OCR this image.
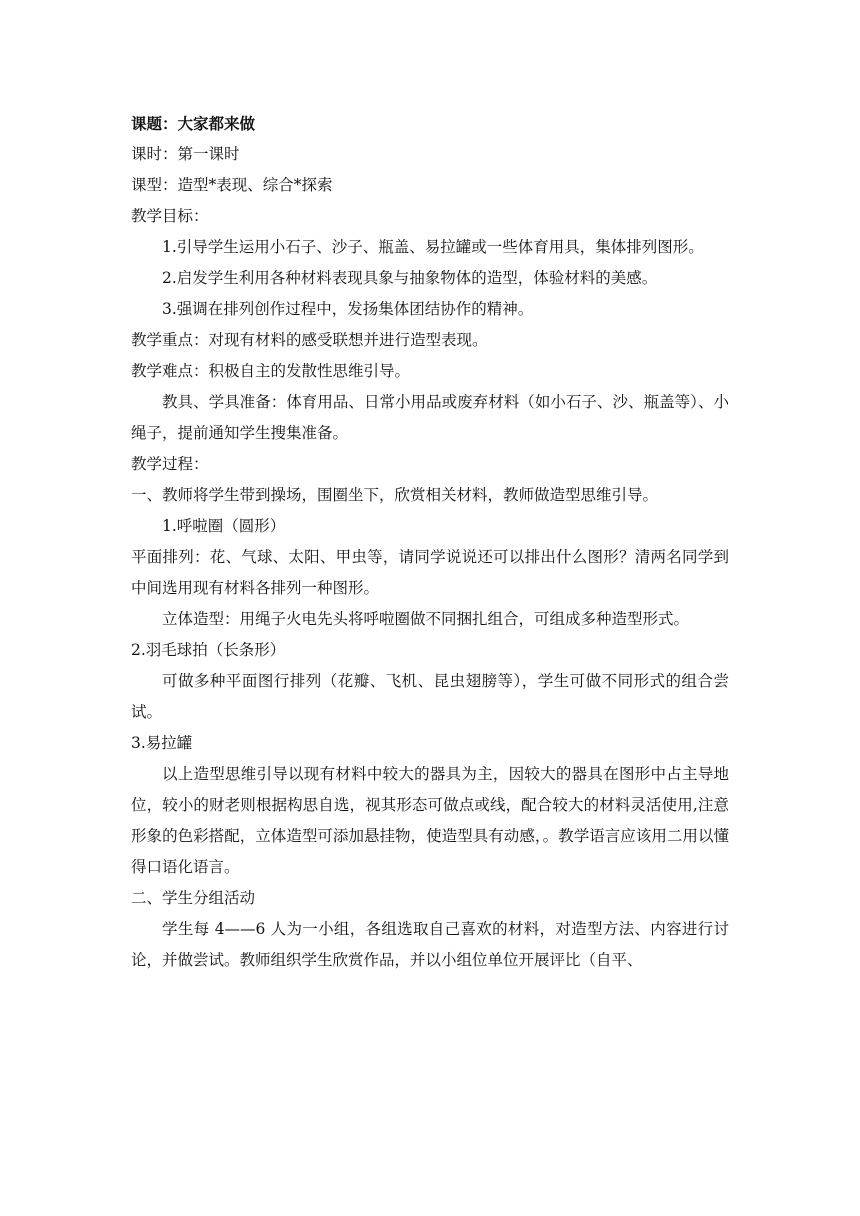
课题：大家都来做

课时：第一课时

课型：造型*表现、综合*探索

教学目标：

1.引导学生运用小石子、沙子、瓶盖、易拉罐或一些体育用具，集体排列图形。

2.启发学生利用各种材料表现具象与抽象物体的造型，体验材料的美感。

3.强调在排列创作过程中，发扬集体团结协作的精神。

教学重点：对现有材料的感受联想并进行造型表现。

教学难点：积极自主的发散性思维引导。

教具、学具准备：体育用品、日常小用品或废弃材料（如小石子、沙、瓶盖等）、小绳子，提前通知学生搜集准备。

教学过程：

一、教师将学生带到操场，围圈坐下，欣赏相关材料，教师做造型思维引导。

1.呼啦圈（圆形）

平面排列：花、气球、太阳、甲虫等，请同学说说还可以排出什么图形？清两名同学到中间选用现有材料各排列一种图形。

立体造型：用绳子火电先头将呼啦圈做不同捆扎组合，可组成多种造型形式。

2.羽毛球拍（长条形）

可做多种平面图行排列（花瓣、飞机、昆虫翅膀等），学生可做不同形式的组合尝试。

3.易拉罐

以上造型思维引导以现有材料中较大的器具为主，因较大的器具在图形中占主导地位，较小的财老则根据构思自选，视其形态可做点或线，配合较大的材料灵活使用,注意形象的色彩搭配，立体造型可添加悬挂物，使造型具有动感，。教学语言应该用二用以懂得口语化语言。

二、学生分组活动

学生每 4——6 人为一小组，各组选取自己喜欢的材料，对造型方法、内容进行讨论，并做尝试。教师组织学生欣赏作品，并以小组位单位开展评比（自平、
